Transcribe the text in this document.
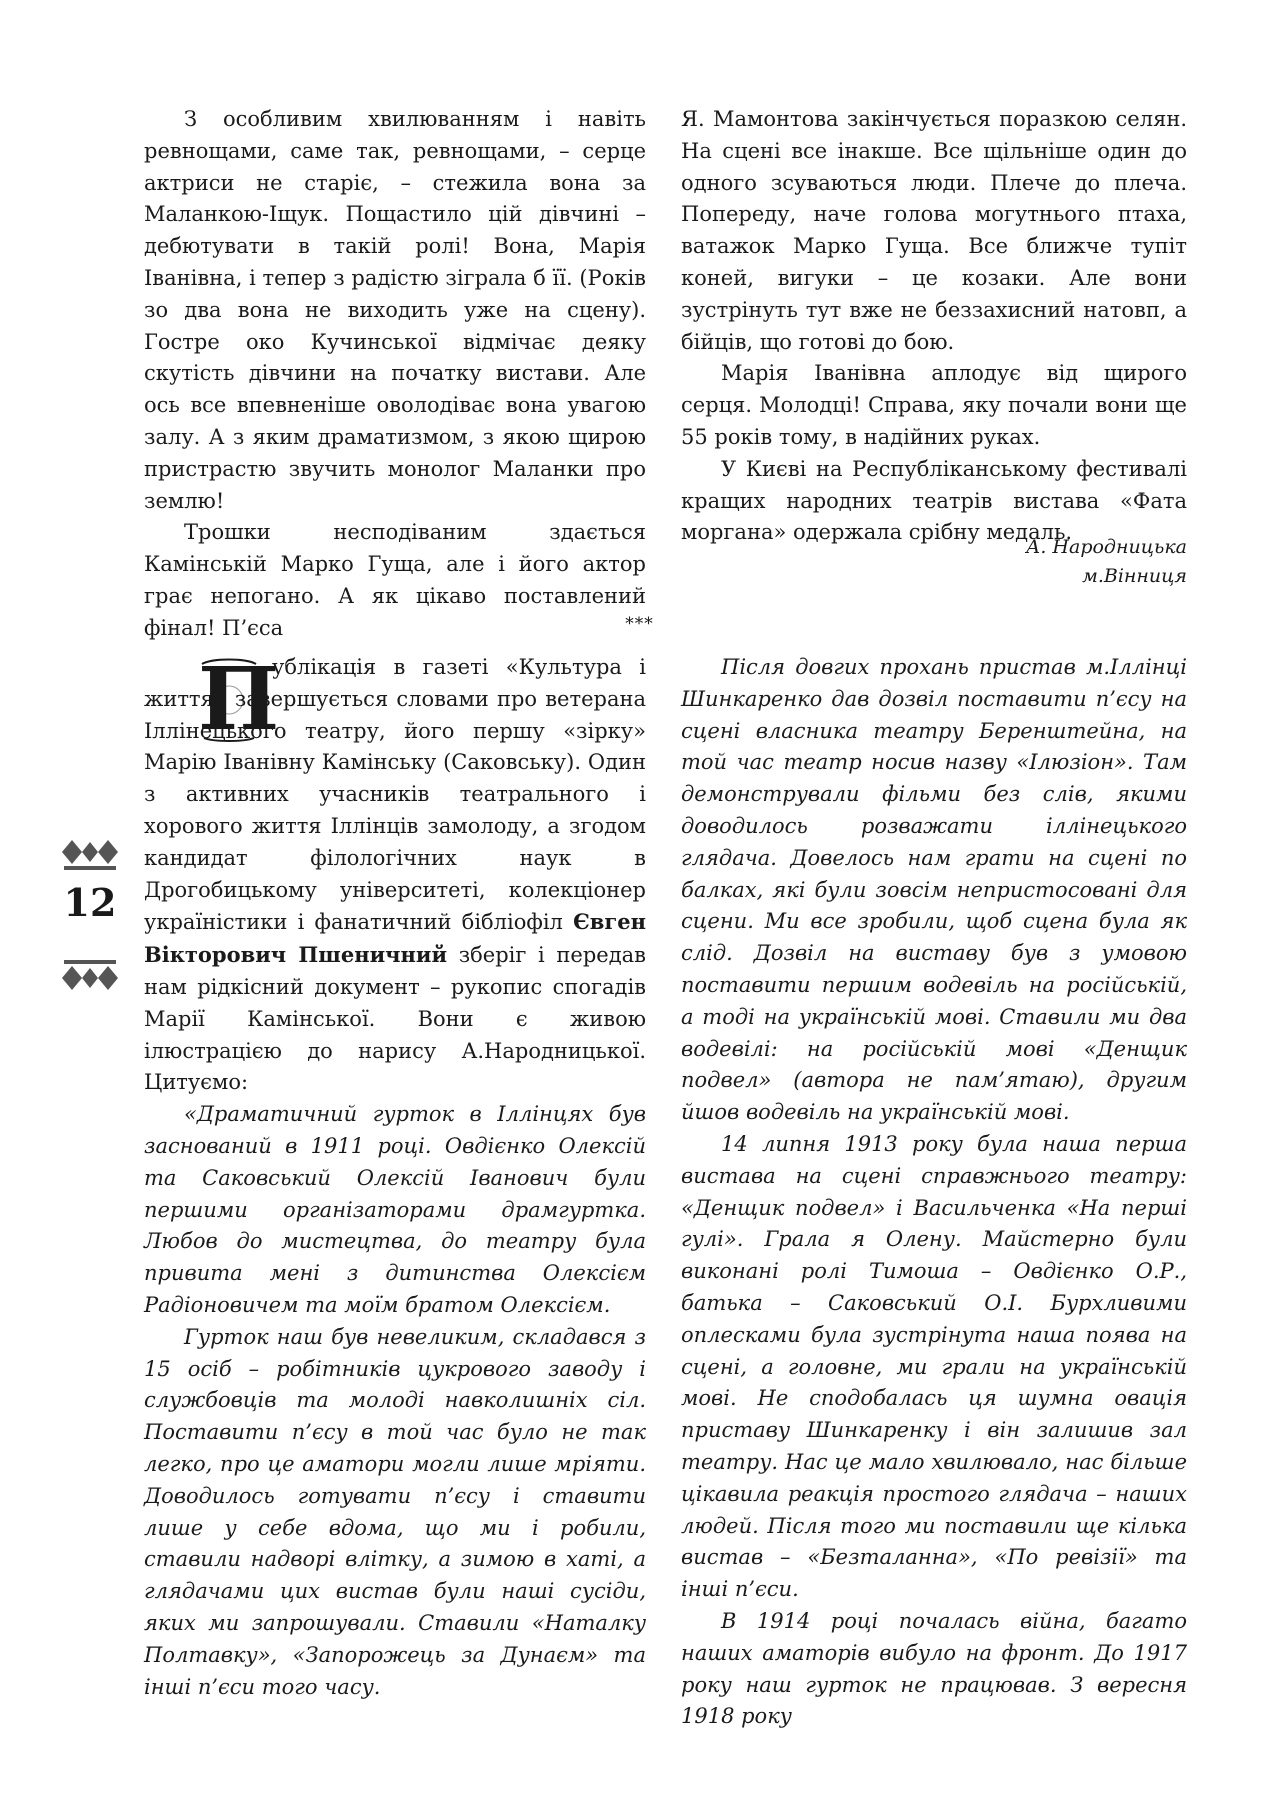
З особливим хвилюванням і навіть ревнощами, саме так, ревнощами, – серце актриси не старіє, – стежила вона за Маланкою-Іщук. Пощастило цій дівчині – дебютувати в такій ролі! Вона, Марія Іванівна, і тепер з радістю зіграла б її. (Років зо два вона не виходить уже на сцену). Гостре око Кучинської відмічає деяку скутість дівчини на початку вистави. Але ось все впевненіше оволодіває вона увагою залу. А з яким драматизмом, з якою щирою пристрастю звучить монолог Маланки про землю!

Трошки несподіваним здається Камінській Марко Гуща, але і його актор грає непогано. А як цікаво поставлений фінал! П’єса

Я. Мамонтова закінчується поразкою селян. На сцені все інакше. Все щільніше один до одного зсуваються люди. Плече до плеча. Попереду, наче голова могутнього птаха, ватажок Марко Гуща. Все ближче тупіт коней, вигуки – це козаки. Але вони зустрінуть тут вже не беззахисний натовп, а бійців, що готові до бою.

Марія Іванівна аплодує від щирого серця. Молодці! Справа, яку почали вони ще 55 років тому, в надійних руках.

У Києві на Республіканському фестивалі кращих народних театрів вистава «Фата моргана» одержала срібну медаль.

А. Народницька
м.Вінниця
***
П

ублікація в газеті «Культура і життя» завершується словами про ветерана Іллінецького театру, його першу «зірку» Марію Іванівну Камінську (Саковську). Один з активних учасників театрального і хорового життя Іллінців замолоду, а згодом кандидат філологічних наук в Дрогобицькому університеті, колекціонер україністики і фанатичний бібліофіл Євген Вікторович Пшеничний зберіг і передав нам рідкісний документ – рукопис спогадів Марії Камінської. Вони є живою ілюстрацією до нарису А.Народницької. Цитуємо:

«Драматичний гурток в Іллінцях був заснований в 1911 році. Овдієнко Олексій та Саковський Олексій Іванович були першими організаторами драмгуртка. Любов до мистецтва, до театру була привита мені з дитинства Олексієм Радіоновичем та моїм братом Олексієм.

Гурток наш був невеликим, складався з 15 осіб – робітників цукрового заводу і службовців та молоді навколишніх сіл. Поставити п’єсу в той час було не так легко, про це аматори могли лише мріяти. Доводилось готувати п’єсу і ставити лише у себе вдома, що ми і робили, ставили надворі влітку, а зимою в хаті, а глядачами цих вистав були наші сусіди, яких ми запрошували. Ставили «Наталку Полтавку», «Запорожець за Дунаєм» та інші п’єси того часу.

Після довгих прохань пристав м.Іллінці Шинкаренко дав дозвіл поставити п’єсу на сцені власника театру Беренштейна, на той час театр носив назву «Ілюзіон». Там демонстрували фільми без слів, якими доводилось розважати іллінецького глядача. Довелось нам грати на сцені по балках, які були зовсім непристосовані для сцени. Ми все зробили, щоб сцена була як слід. Дозвіл на виставу був з умовою поставити першим водевіль на російській, а тоді на українській мові. Ставили ми два водевілі: на російській мові «Денщик подвел» (автора не пам’ятаю), другим йшов водевіль на українській мові.

14 липня 1913 року була наша перша вистава на сцені справжнього театру: «Денщик подвел» і Васильченка «На перші гулі». Грала я Олену. Майстерно були виконані ролі Тимоша – Овдієнко О.Р., батька – Саковський О.І. Бурхливими оплесками була зустрінута наша поява на сцені, а головне, ми грали на українській мові. Не сподобалась ця шумна овація приставу Шинкаренку і він залишив зал театру. Нас це мало хвилювало, нас більше цікавила реакція простого глядача – наших людей. Після того ми поставили ще кілька вистав – «Безталанна», «По ревізії» та інші п’єси.

В 1914 році почалась війна, багато наших аматорів вибуло на фронт. До 1917 року наш гурток не працював. З вересня 1918 року

12
